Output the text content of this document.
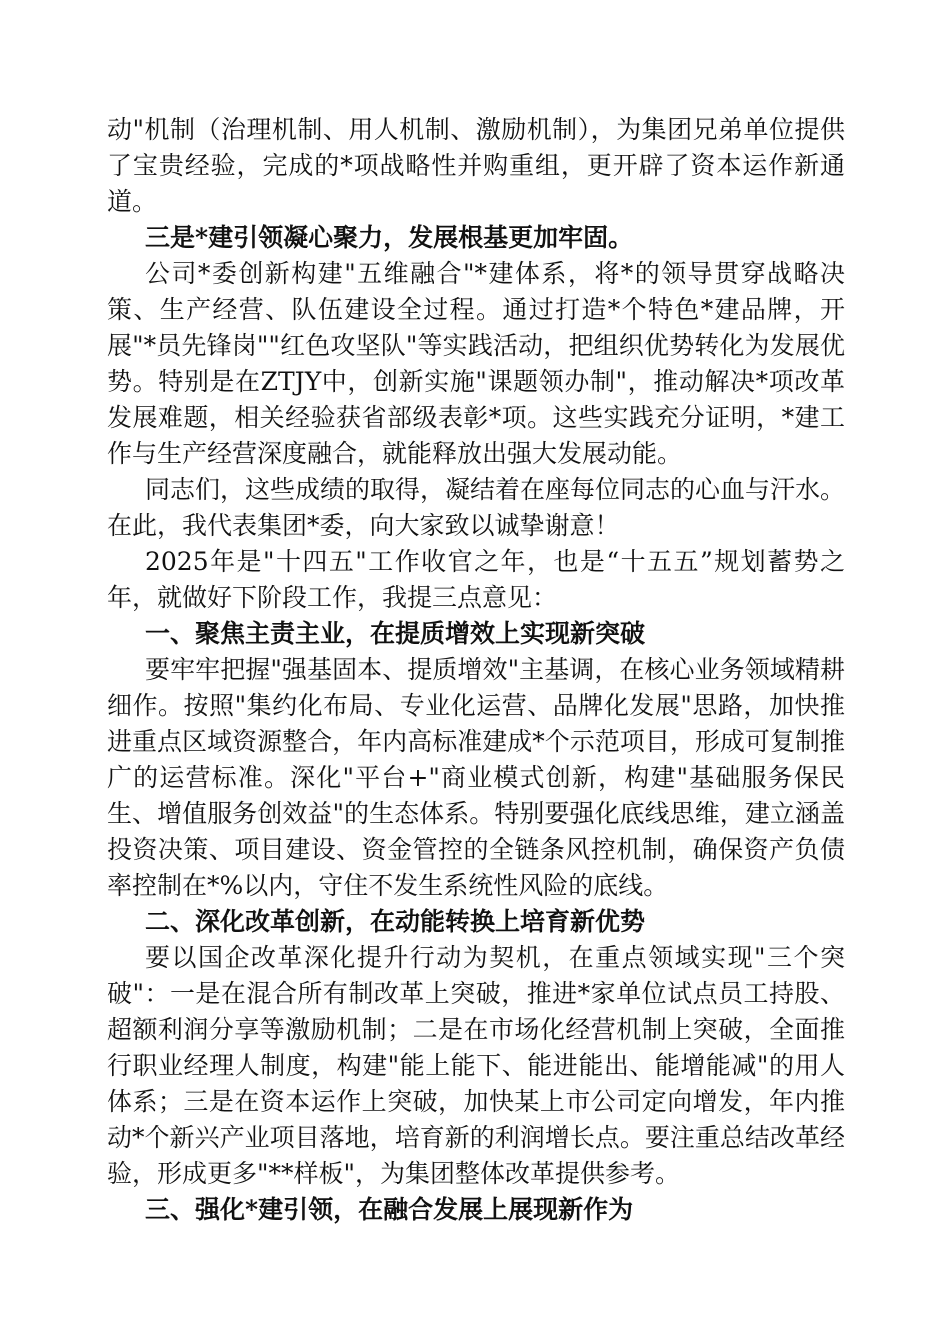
动"机制（治理机制、用人机制、激励机制），为集团兄弟单位提供了宝贵经验，完成的*项战略性并购重组，更开辟了资本运作新通道。

三是*建引领凝心聚力，发展根基更加牢固。

公司*委创新构建"五维融合"*建体系，将*的领导贯穿战略决策、生产经营、队伍建设全过程。通过打造*个特色*建品牌，开展"*员先锋岗""红色攻坚队"等实践活动，把组织优势转化为发展优势。特别是在ZTJY中，创新实施"课题领办制"，推动解决*项改革发展难题，相关经验获省部级表彰*项。这些实践充分证明，*建工作与生产经营深度融合，就能释放出强大发展动能。

同志们，这些成绩的取得，凝结着在座每位同志的心血与汗水。在此，我代表集团*委，向大家致以诚挚谢意！

2025年是"十四五"工作收官之年，也是“十五五”规划蓄势之年，就做好下阶段工作，我提三点意见：

一、聚焦主责主业，在提质增效上实现新突破

要牢牢把握"强基固本、提质增效"主基调，在核心业务领域精耕细作。按照"集约化布局、专业化运营、品牌化发展"思路，加快推进重点区域资源整合，年内高标准建成*个示范项目，形成可复制推广的运营标准。深化"平台+"商业模式创新，构建"基础服务保民生、增值服务创效益"的生态体系。特别要强化底线思维，建立涵盖投资决策、项目建设、资金管控的全链条风控机制，确保资产负债率控制在*%以内，守住不发生系统性风险的底线。

二、深化改革创新，在动能转换上培育新优势

要以国企改革深化提升行动为契机，在重点领域实现"三个突破"：一是在混合所有制改革上突破，推进*家单位试点员工持股、超额利润分享等激励机制；二是在市场化经营机制上突破，全面推行职业经理人制度，构建"能上能下、能进能出、能增能减"的用人体系；三是在资本运作上突破，加快某上市公司定向增发，年内推动*个新兴产业项目落地，培育新的利润增长点。要注重总结改革经验，形成更多"**样板"，为集团整体改革提供参考。

三、强化*建引领，在融合发展上展现新作为
